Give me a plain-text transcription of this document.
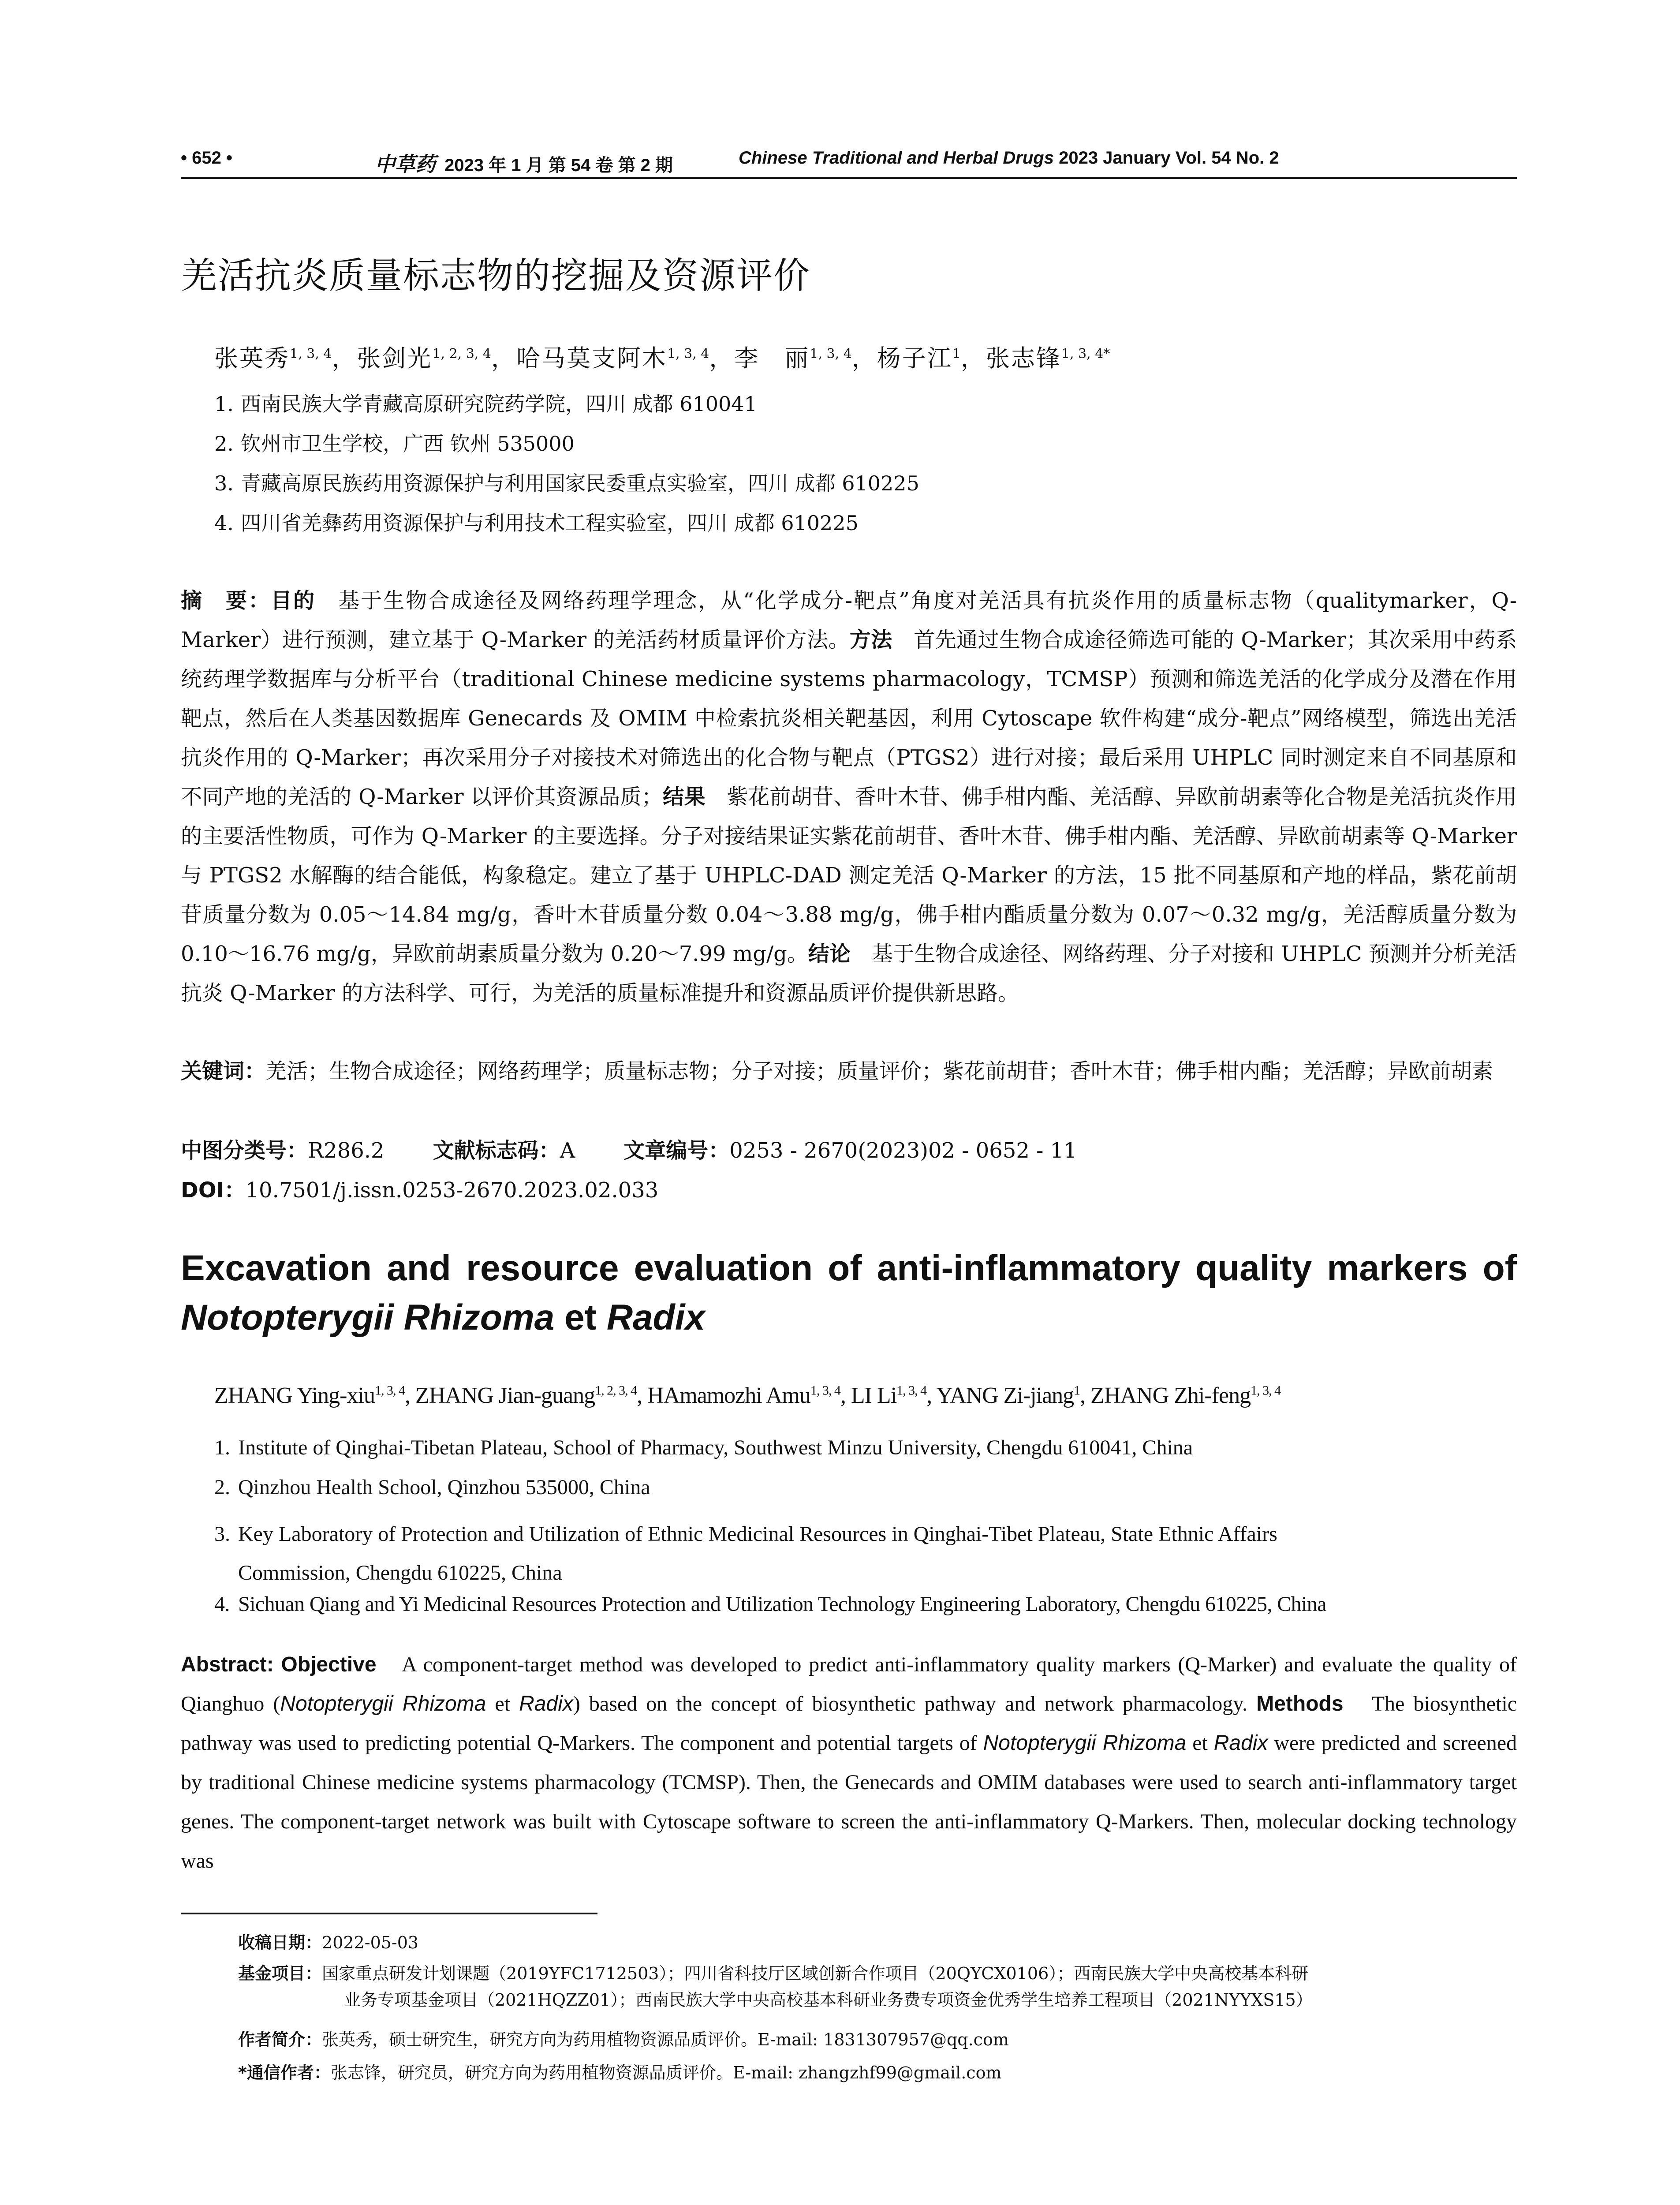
• 652 •	中草药 2023 年 1 月 第 54 卷 第 2 期	Chinese Traditional and Herbal Drugs 2023 January Vol. 54 No. 2
羌活抗炎质量标志物的挖掘及资源评价
张英秀$^{1, 3, 4}$，张剑光$^{1, 2, 3, 4}$，哈马莫支阿木$^{1, 3, 4}$，李　丽$^{1, 3, 4}$，杨子江$^1$，张志锋$^{1, 3, 4*}$
1. 西南民族大学青藏高原研究院药学院，四川 成都 610041
2. 钦州市卫生学校，广西 钦州 535000
3. 青藏高原民族药用资源保护与利用国家民委重点实验室，四川 成都 610225
4. 四川省羌彝药用资源保护与利用技术工程实验室，四川 成都 610225
摘　要：目的　基于生物合成途径及网络药理学理念，从“化学成分-靶点”角度对羌活具有抗炎作用的质量标志物（qualitymarker，Q-Marker）进行预测，建立基于 Q-Marker 的羌活药材质量评价方法。方法　首先通过生物合成途径筛选可能的 Q-Marker；其次采用中药系统药理学数据库与分析平台（traditional Chinese medicine systems pharmacology，TCMSP）预测和筛选羌活的化学成分及潜在作用靶点，然后在人类基因数据库 Genecards 及 OMIM 中检索抗炎相关靶基因，利用 Cytoscape 软件构建“成分-靶点”网络模型，筛选出羌活抗炎作用的 Q-Marker；再次采用分子对接技术对筛选出的化合物与靶点（PTGS2）进行对接；最后采用 UHPLC 同时测定来自不同基原和不同产地的羌活的 Q-Marker 以评价其资源品质；结果　紫花前胡苷、香叶木苷、佛手柑内酯、羌活醇、异欧前胡素等化合物是羌活抗炎作用的主要活性物质，可作为 Q-Marker 的主要选择。分子对接结果证实紫花前胡苷、香叶木苷、佛手柑内酯、羌活醇、异欧前胡素等 Q-Marker 与 PTGS2 水解酶的结合能低，构象稳定。建立了基于 UHPLC-DAD 测定羌活 Q-Marker 的方法，15 批不同基原和产地的样品，紫花前胡苷质量分数为 0.05～14.84 mg/g，香叶木苷质量分数 0.04～3.88 mg/g，佛手柑内酯质量分数为 0.07～0.32 mg/g，羌活醇质量分数为 0.10～16.76 mg/g，异欧前胡素质量分数为 0.20～7.99 mg/g。结论　基于生物合成途径、网络药理、分子对接和 UHPLC 预测并分析羌活抗炎 Q-Marker 的方法科学、可行，为羌活的质量标准提升和资源品质评价提供新思路。
关键词：羌活；生物合成途径；网络药理学；质量标志物；分子对接；质量评价；紫花前胡苷；香叶木苷；佛手柑内酯；羌活醇；异欧前胡素
中图分类号：R286.2 文献标志码：A 文章编号：0253 - 2670(2023)02 - 0652 - 11
DOI：10.7501/j.issn.0253-2670.2023.02.033
Excavation and resource evaluation of anti-inflammatory quality markers of
Notopterygii Rhizoma et Radix
ZHANG Ying-xiu$^{1, 3, 4}$, ZHANG Jian-guang$^{1, 2, 3, 4}$, HAmamozhi Amu$^{1, 3, 4}$, LI Li$^{1, 3, 4}$, YANG Zi-jiang$^1$, ZHANG Zhi-feng$^{1, 3, 4}$
1. Institute of Qinghai-Tibetan Plateau, School of Pharmacy, Southwest Minzu University, Chengdu 610041, China
2. Qinzhou Health School, Qinzhou 535000, China
3. Key Laboratory of Protection and Utilization of Ethnic Medicinal Resources in Qinghai-Tibet Plateau, State Ethnic Affairs
Commission, Chengdu 610225, China
4. Sichuan Qiang and Yi Medicinal Resources Protection and Utilization Technology Engineering Laboratory, Chengdu 610225, China
Abstract: Objective　A component-target method was developed to predict anti-inflammatory quality markers (Q-Marker) and evaluate the quality of Qianghuo (Notopterygii Rhizoma et Radix) based on the concept of biosynthetic pathway and network pharmacology. Methods　The biosynthetic pathway was used to predicting potential Q-Markers. The component and potential targets of Notopterygii Rhizoma et Radix were predicted and screened by traditional Chinese medicine systems pharmacology (TCMSP). Then, the Genecards and OMIM databases were used to search anti-inflammatory target genes. The component-target network was built with Cytoscape software to screen the anti-inflammatory Q-Markers. Then, molecular docking technology was
收稿日期：2022-05-03
基金项目：国家重点研发计划课题（2019YFC1712503）；四川省科技厅区域创新合作项目（20QYCX0106）；西南民族大学中央高校基本科研
业务专项基金项目（2021HQZZ01）；西南民族大学中央高校基本科研业务费专项资金优秀学生培养工程项目（2021NYYXS15）
作者简介：张英秀，硕士研究生，研究方向为药用植物资源品质评价。E-mail: 1831307957@qq.com
*通信作者：张志锋，研究员，研究方向为药用植物资源品质评价。E-mail: zhangzhf99@gmail.com
